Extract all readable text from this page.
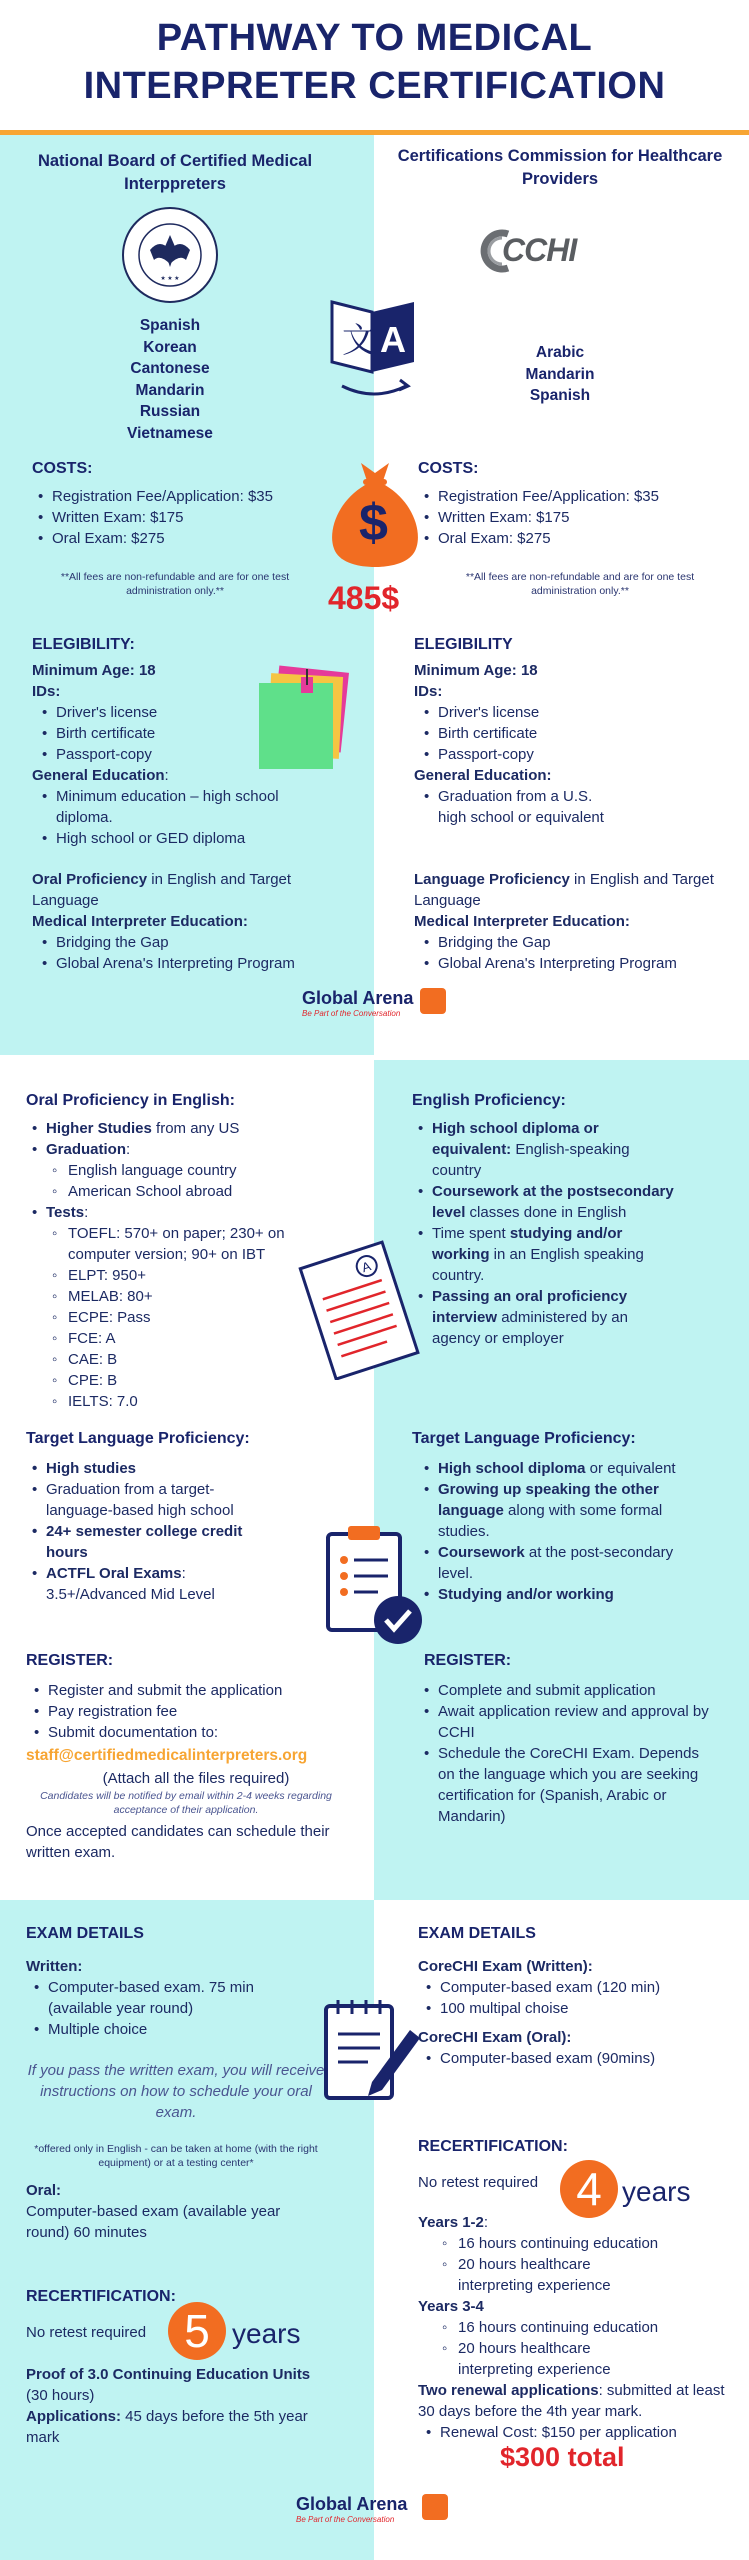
PATHWAY TO MEDICAL
INTERPRETER CERTIFICATION
National Board of Certified Medical Interppreters
★ ★ ★
Spanish
Korean
Cantonese
Mandarin
Russian
Vietnamese
Certifications Commission for Healthcare Providers
CCHI
Arabic
Mandarin
Spanish
文 A
COSTS:
• Registration Fee/Application: $35
• Written Exam: $175
• Oral Exam: $275
**All fees are non-refundable and are for one test administration only.**
COSTS:
• Registration Fee/Application: $35
• Written Exam: $175
• Oral Exam: $275
**All fees are non-refundable and are for one test administration only.**
$
485$
ELEGIBILITY:
Minimum Age: 18
IDs:
• Driver's license
• Birth certificate
• Passport-copy
General Education:
• Minimum education – high school diploma.
• High school or GED diploma
Oral Proficiency in English and Target Language
Medical Interpreter Education:
• Bridging the Gap
• Global Arena's Interpreting Program
ELEGIBILITY
Minimum Age: 18
IDs:
• Driver's license
• Birth certificate
• Passport-copy
General Education:
• Graduation from a U.S. high school or equivalent
Language Proficiency in English and Target Language
Medical Interpreter Education:
• Bridging the Gap
• Global Arena's Interpreting Program
Global Arena
Be Part of the Conversation
Oral Proficiency in English:
• Higher Studies from any US
• Graduation:
◦ English language country
◦ American School abroad
• Tests:
◦ TOEFL: 570+ on paper; 230+ on computer version; 90+ on IBT
◦ ELPT: 950+
◦ MELAB: 80+
◦ ECPE: Pass
◦ FCE: A
◦ CAE: B
◦ CPE: B
◦ IELTS: 7.0
English Proficiency:
• High school diploma or equivalent: English-speaking country
• Coursework at the postsecondary level classes done in English
• Time spent studying and/or working in an English speaking country.
• Passing an oral proficiency interview administered by an agency or employer
A
Target Language Proficiency:
• High studies
• Graduation from a target-language-based high school
• 24+ semester college credit hours
• ACTFL Oral Exams: 3.5+/Advanced Mid Level
Target Language Proficiency:
• High school diploma or equivalent
• Growing up speaking the other language along with some formal studies.
• Coursework at the post-secondary level.
• Studying and/or working
REGISTER:
• Register and submit the application
• Pay registration fee
• Submit documentation to:
staff@certifiedmedicalinterpreters.org
(Attach all the files required)
Candidates will be notified by email within 2-4 weeks regarding acceptance of their application.
Once accepted candidates can schedule their written exam.
REGISTER:
• Complete and submit application
• Await application review and approval by CCHI
• Schedule the CoreCHI Exam. Depends on the language which you are seeking certification for (Spanish, Arabic or Mandarin)
EXAM DETAILS
Written:
• Computer-based exam. 75 min (available year round)
• Multiple choice
If you pass the written exam, you will receive instructions on how to schedule your oral exam.
*offered only in English - can be taken at home (with the right equipment) or at a testing center*
Oral:
Computer-based exam (available year round) 60 minutes
RECERTIFICATION:
No retest required 5 years
Proof of 3.0 Continuing Education Units (30 hours)
Applications: 45 days before the 5th year mark
EXAM DETAILS
CoreCHI Exam (Written):
• Computer-based exam (120 min)
• 100 multipal choise
CoreCHI Exam (Oral):
• Computer-based exam (90mins)
RECERTIFICATION:
No retest required 4 years
Years 1-2:
◦ 16 hours continuing education
◦ 20 hours healthcare interpreting experience
Years 3-4
◦ 16 hours continuing education
◦ 20 hours healthcare interpreting experience
Two renewal applications: submitted at least 30 days before the 4th year mark.
• Renewal Cost: $150 per application
$300 total
Global Arena
Be Part of the Conversation
